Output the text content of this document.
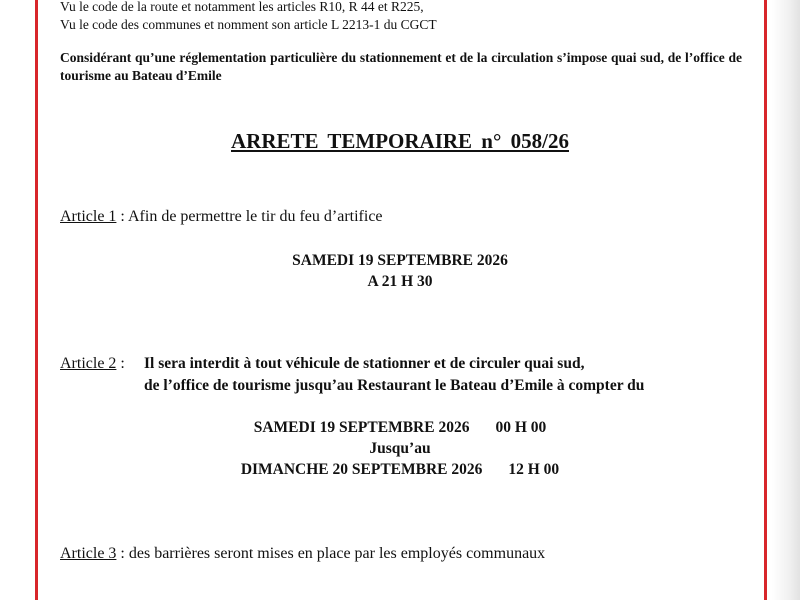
Vu le code de la route et notamment les articles R10, R 44 et R225,
Vu le code des communes et nomment son article L 2213-1 du CGCT
Considérant qu’une réglementation particulière du stationnement et de la circulation s’impose quai sud, de l’office de tourisme au Bateau d’Emile
ARRETE TEMPORAIRE n° 058/26
Article 1 : Afin de permettre le tir du feu d’artifice
SAMEDI 19 SEPTEMBRE 2026
A 21 H 30
Article 2 : Il sera interdit à tout véhicule de stationner et de circuler quai sud,
de l’office de tourisme jusqu’au Restaurant le Bateau d’Emile à compter du
SAMEDI 19 SEPTEMBRE 2026 00 H 00
Jusqu’au
DIMANCHE 20 SEPTEMBRE 2026 12 H 00
Article 3 : des barrières seront mises en place par les employés communaux
